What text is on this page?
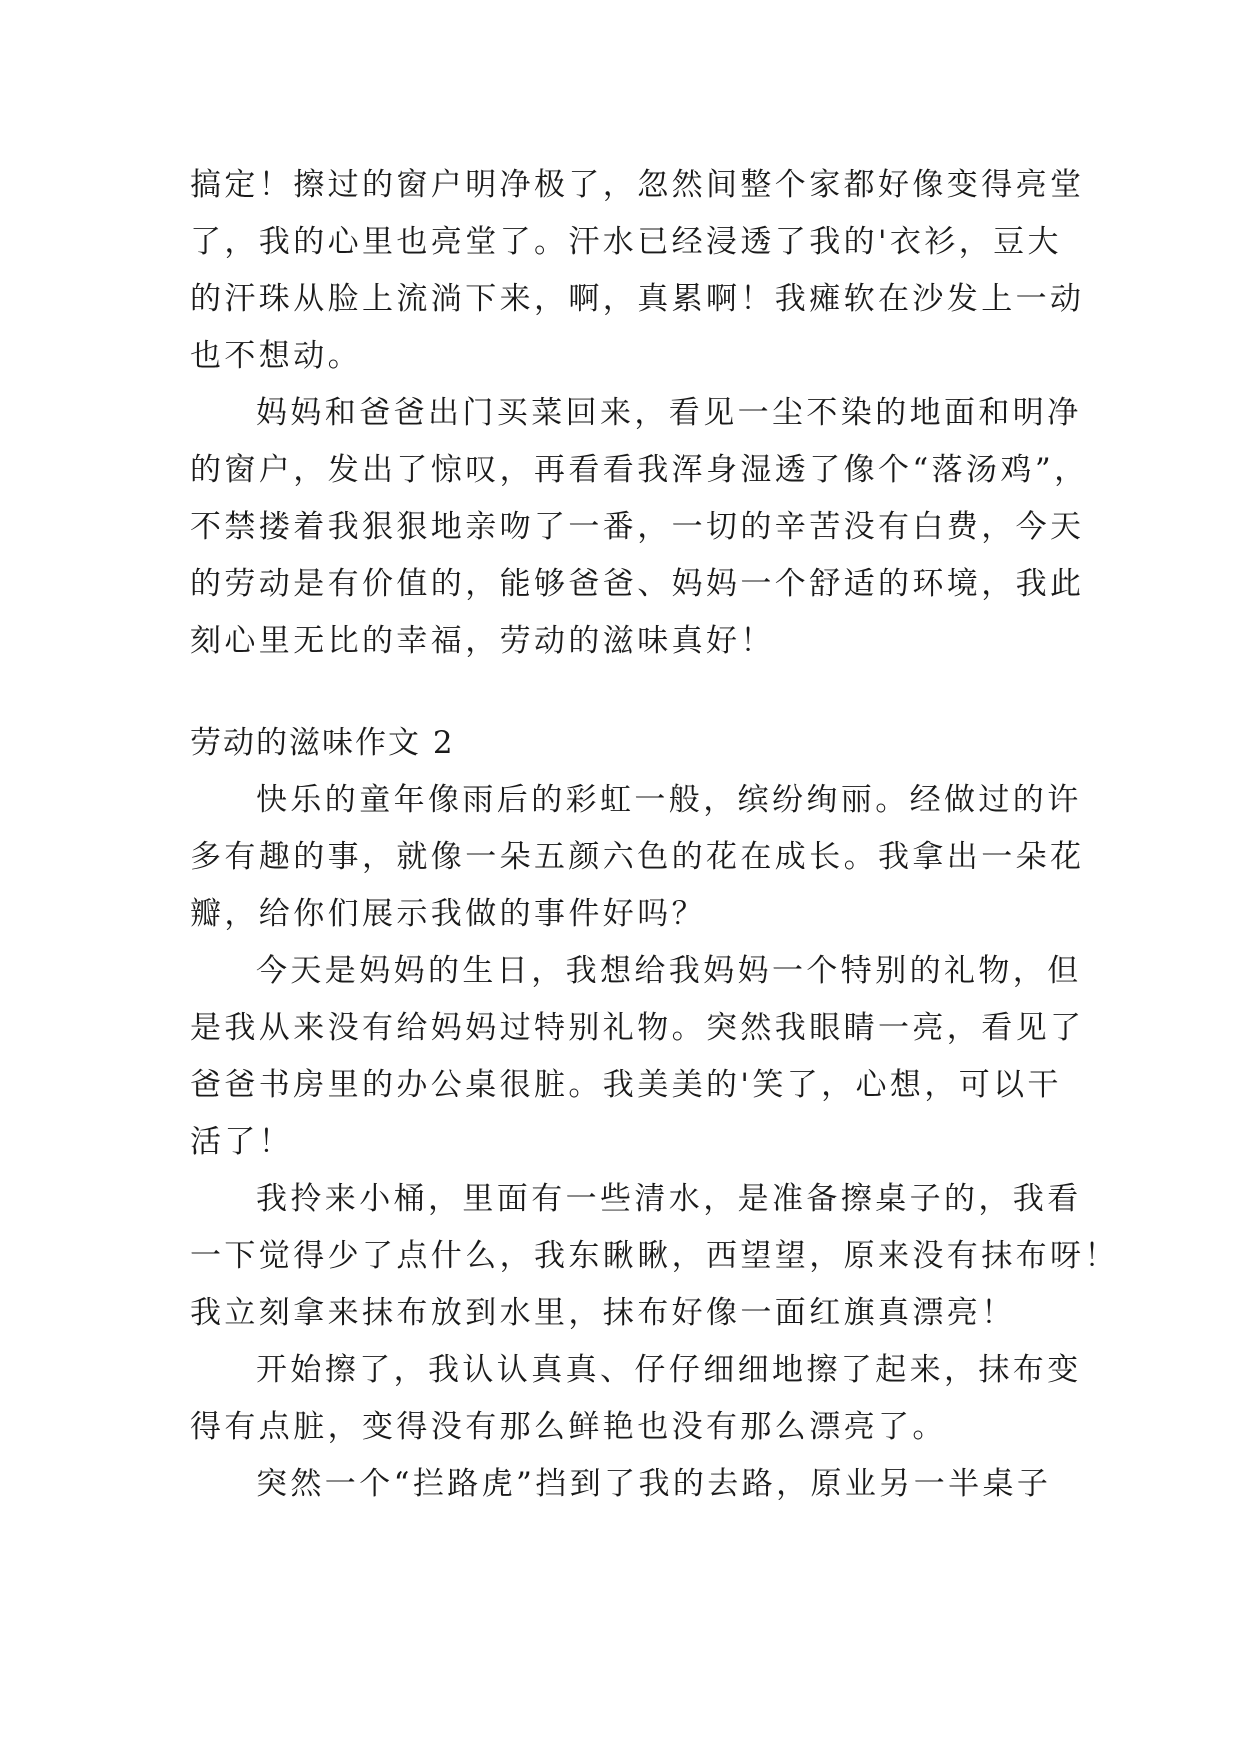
搞定！擦过的窗户明净极了，忽然间整个家都好像变得亮堂
了，我的心里也亮堂了。汗水已经浸透了我的'衣衫，豆大
的汗珠从脸上流淌下来，啊，真累啊！我瘫软在沙发上一动
也不想动。
妈妈和爸爸出门买菜回来，看见一尘不染的地面和明净
的窗户，发出了惊叹，再看看我浑身湿透了像个“落汤鸡”，
不禁搂着我狠狠地亲吻了一番，一切的辛苦没有白费，今天
的劳动是有价值的，能够爸爸、妈妈一个舒适的环境，我此
刻心里无比的幸福，劳动的滋味真好！
劳动的滋味作文 2
快乐的童年像雨后的彩虹一般，缤纷绚丽。经做过的许
多有趣的事，就像一朵五颜六色的花在成长。我拿出一朵花
瓣，给你们展示我做的事件好吗？
今天是妈妈的生日，我想给我妈妈一个特别的礼物，但
是我从来没有给妈妈过特别礼物。突然我眼睛一亮，看见了
爸爸书房里的办公桌很脏。我美美的'笑了，心想，可以干
活了！
我拎来小桶，里面有一些清水，是准备擦桌子的，我看
一下觉得少了点什么，我东瞅瞅，西望望，原来没有抹布呀！
我立刻拿来抹布放到水里，抹布好像一面红旗真漂亮！
开始擦了，我认认真真、仔仔细细地擦了起来，抹布变
得有点脏，变得没有那么鲜艳也没有那么漂亮了。
突然一个“拦路虎”挡到了我的去路，原业另一半桌子
